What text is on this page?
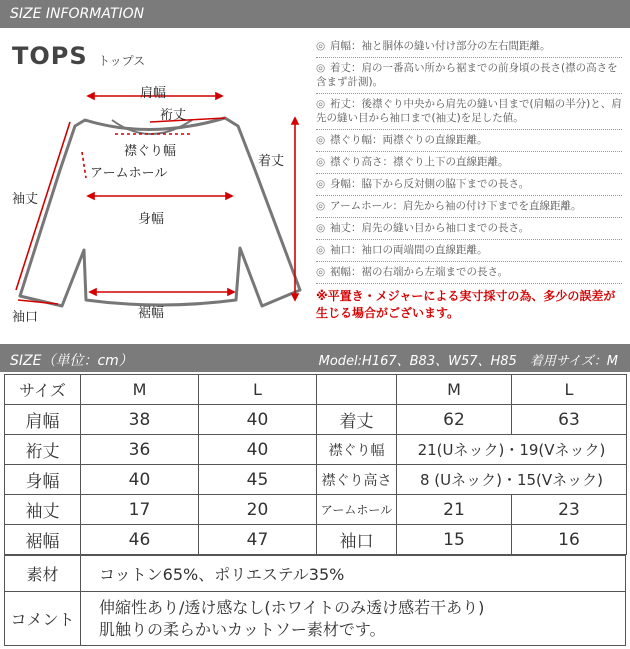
SIZE INFORMATION
TOPS トップス
肩幅
裄丈
襟ぐり幅
アームホール
着丈
袖丈
身幅
裾幅
袖口
◎ 肩幅：袖と胴体の縫い付け部分の左右間距離。
◎ 着丈：肩の一番高い所から裾までの前身頃の長さ(襟の高さを含まず計測)。
◎ 裄丈：後襟ぐり中央から肩先の縫い目まで(肩幅の半分)と、肩先の縫い目から袖口まで(袖丈)を足した値。
◎ 襟ぐり幅：両襟ぐりの直線距離。
◎ 襟ぐり高さ：襟ぐり上下の直線距離。
◎ 身幅：脇下から反対側の脇下までの長さ。
◎ アームホール：肩先から袖の付け下までを直線距離。
◎ 袖丈：肩先の縫い目から袖口までの長さ。
◎ 袖口：袖口の両端間の直線距離。
◎ 裾幅：裾の右端から左端までの長さ。
※平置き・メジャーによる実寸採寸の為、多少の誤差が生じる場合がございます。
SIZE（単位：cm）	Model:H167、B83、W57、H85　着用サイズ：M
サイズ	M	L		M	L
肩幅	38	40	着丈	62	63
裄丈	36	40	襟ぐり幅	21(Uネック)・19(Vネック)	
身幅	40	45	襟ぐり高さ	8 (Uネック)・15(Vネック)	
袖丈	17	20	アームホール	21	23
裾幅	46	47	袖口	15	16
素材	コットン65%、ポリエステル35%
コメント	伸縮性あり/透け感なし(ホワイトのみ透け感若干あり)
肌触りの柔らかいカットソー素材です。
